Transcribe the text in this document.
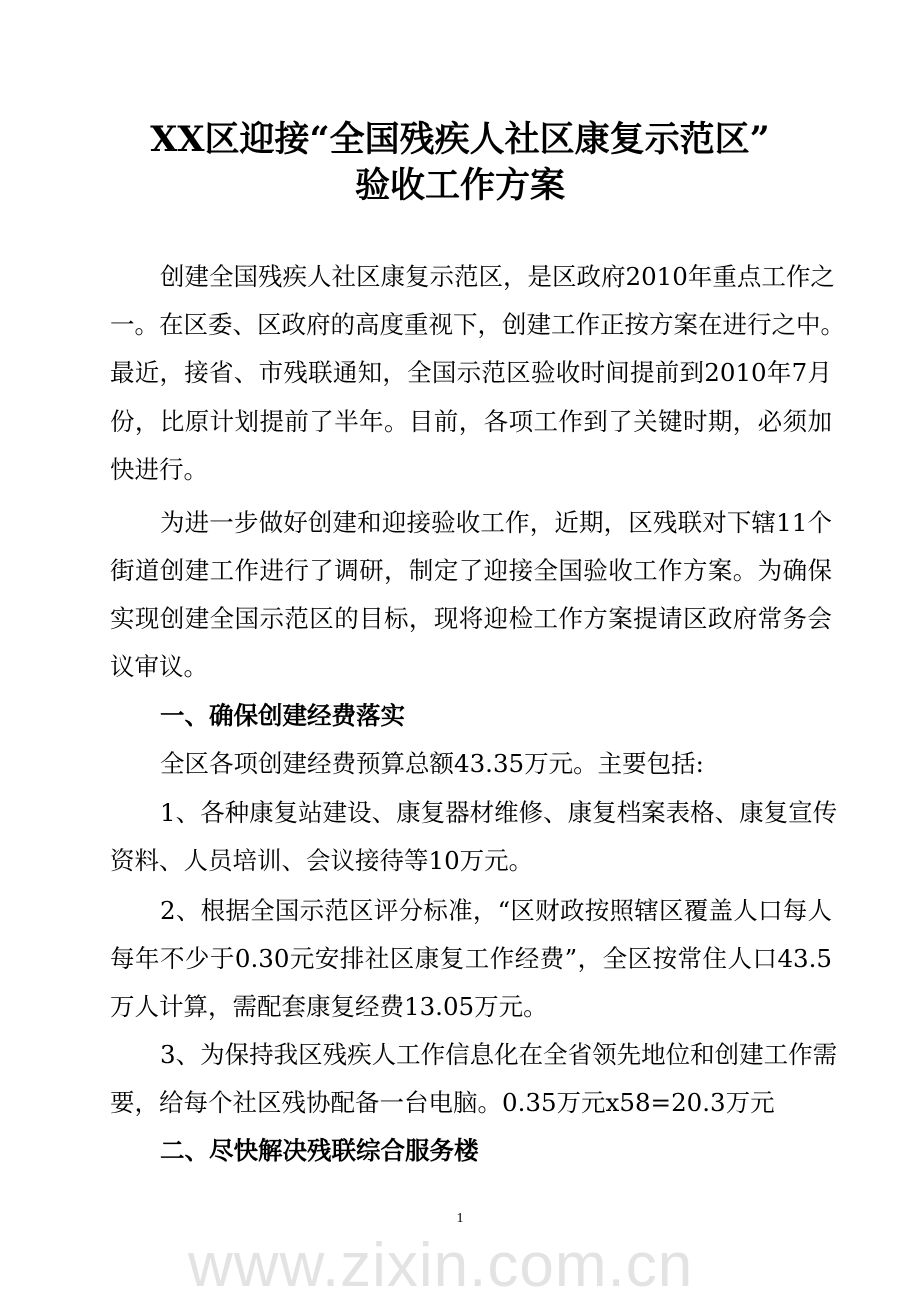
www.zixin.com.cn
XX区迎接“全国残疾人社区康复示范区”
验收工作方案
创建全国残疾人社区康复示范区，是区政府2010年重点工作之
一。在区委、区政府的高度重视下，创建工作正按方案在进行之中。
最近，接省、市残联通知，全国示范区验收时间提前到2010年7月
份，比原计划提前了半年。目前，各项工作到了关键时期，必须加
快进行。
为进一步做好创建和迎接验收工作，近期，区残联对下辖11个
街道创建工作进行了调研，制定了迎接全国验收工作方案。为确保
实现创建全国示范区的目标，现将迎检工作方案提请区政府常务会
议审议。
一、确保创建经费落实
全区各项创建经费预算总额43.35万元。主要包括:
1、各种康复站建设、康复器材维修、康复档案表格、康复宣传
资料、人员培训、会议接待等10万元。
2、根据全国示范区评分标准，“区财政按照辖区覆盖人口每人
每年不少于0.30元安排社区康复工作经费”，全区按常住人口43.5
万人计算，需配套康复经费13.05万元。
3、为保持我区残疾人工作信息化在全省领先地位和创建工作需
要，给每个社区残协配备一台电脑。0.35万元x58=20.3万元
二、尽快解决残联综合服务楼
1
